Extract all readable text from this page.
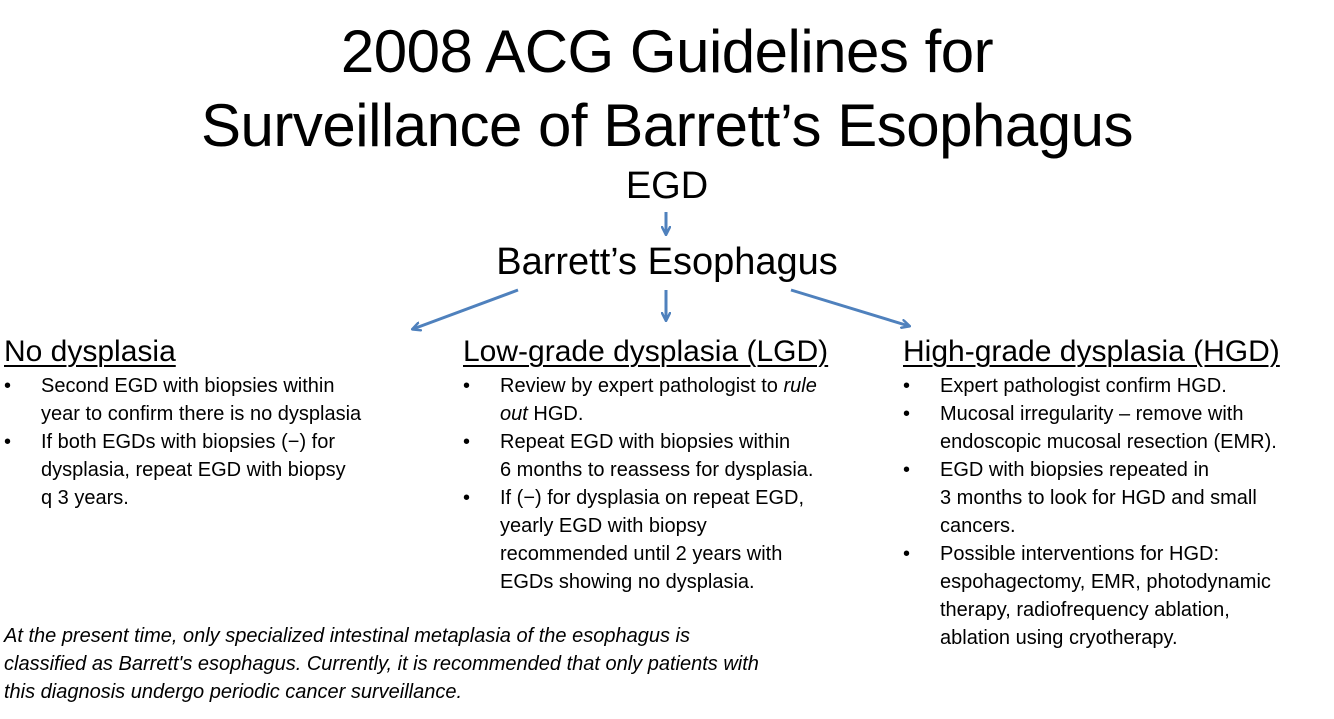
2008 ACG Guidelines for
Surveillance of Barrett’s Esophagus
EGD
Barrett’s Esophagus
No dysplasia
•	Second EGD with biopsies within
year to confirm there is no dysplasia
•	If both EGDs with biopsies (−) for
dysplasia, repeat EGD with biopsy
q 3 years.
Low-grade dysplasia (LGD)
•	Review by expert pathologist to rule
out HGD.
•	Repeat EGD with biopsies within
6 months to reassess for dysplasia.
•	If (−) for dysplasia on repeat EGD,
yearly EGD with biopsy
recommended until 2 years with
EGDs showing no dysplasia.
High-grade dysplasia (HGD)
•	Expert pathologist confirm HGD.
•	Mucosal irregularity – remove with
endoscopic mucosal resection (EMR).
•	EGD with biopsies repeated in
3 months to look for HGD and small
cancers.
•	Possible interventions for HGD:
espohagectomy, EMR, photodynamic
therapy, radiofrequency ablation,
ablation using cryotherapy.
At the present time, only specialized intestinal metaplasia of the esophagus is
classified as Barrett's esophagus. Currently, it is recommended that only patients with
this diagnosis undergo periodic cancer surveillance.
